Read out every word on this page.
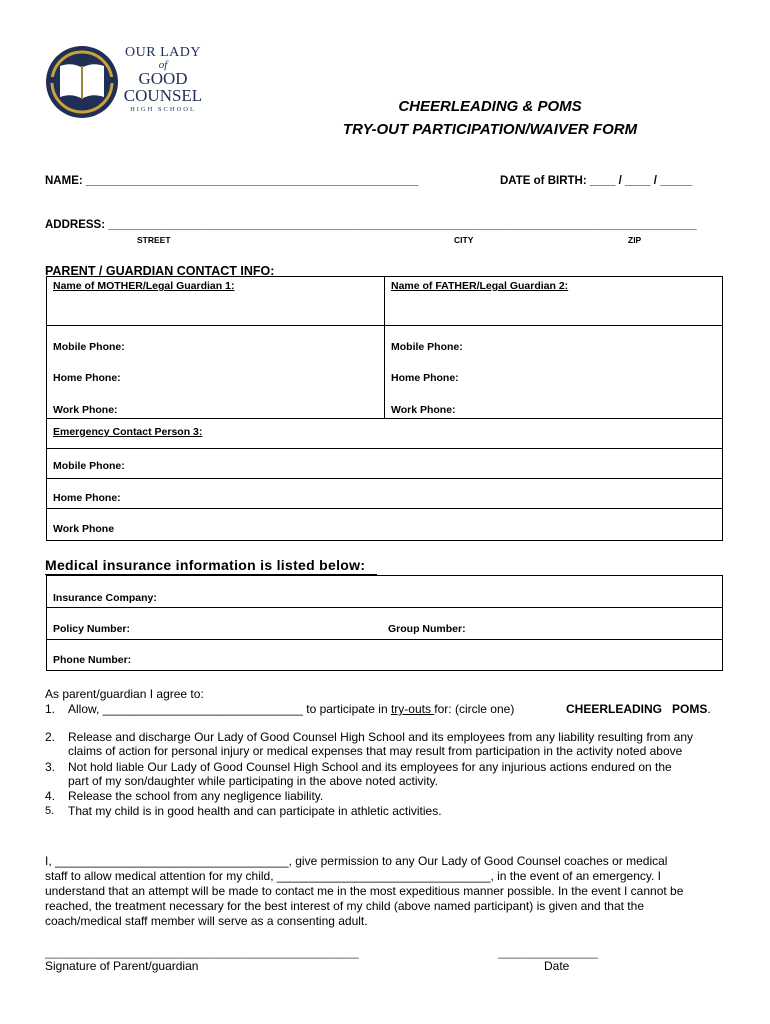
OUR LADY
of
GOOD
COUNSEL
HIGH SCHOOL	CHEERLEADING & POMS
TRY-OUT PARTICIPATION/WAIVER FORM
NAME: ____________________________________________________	DATE of BIRTH: ____ / ____ / _____
ADDRESS: ____________________________________________________________________________________________
STREET	CITY	ZIP
PARENT / GUARDIAN CONTACT INFO:
Name of MOTHER/Legal Guardian 1:	Name of FATHER/Legal Guardian 2:
Mobile Phone:	Mobile Phone:
Home Phone:	Home Phone:
Work Phone:	Work Phone:
Emergency Contact Person 3:
Mobile Phone:
Home Phone:
Work Phone
Medical insurance information is listed below:
Insurance Company:
Policy Number:	Group Number:
Phone Number:
As parent/guardian I agree to:
1. Allow, ______________________________ to participate in try-outs for: (circle one)	CHEERLEADING   POMS.
2. Release and discharge Our Lady of Good Counsel High School and its employees from any liability resulting from any
claims of action for personal injury or medical expenses that may result from participation in the activity noted above
3. Not hold liable Our Lady of Good Counsel High School and its employees for any injurious actions endured on the
part of my son/daughter while participating in the above noted activity.
4. Release the school from any negligence liability.
5. That my child is in good health and can participate in athletic activities.
I, ___________________________________, give permission to any Our Lady of Good Counsel coaches or medical
staff to allow medical attention for my child, ________________________________, in the event of an emergency. I
understand that an attempt will be made to contact me in the most expeditious manner possible. In the event I cannot be
reached, the treatment necessary for the best interest of my child (above named participant) is given and that the
coach/medical staff member will serve as a consenting adult.
_______________________________________________
Signature of Parent/guardian
_______________
Date
